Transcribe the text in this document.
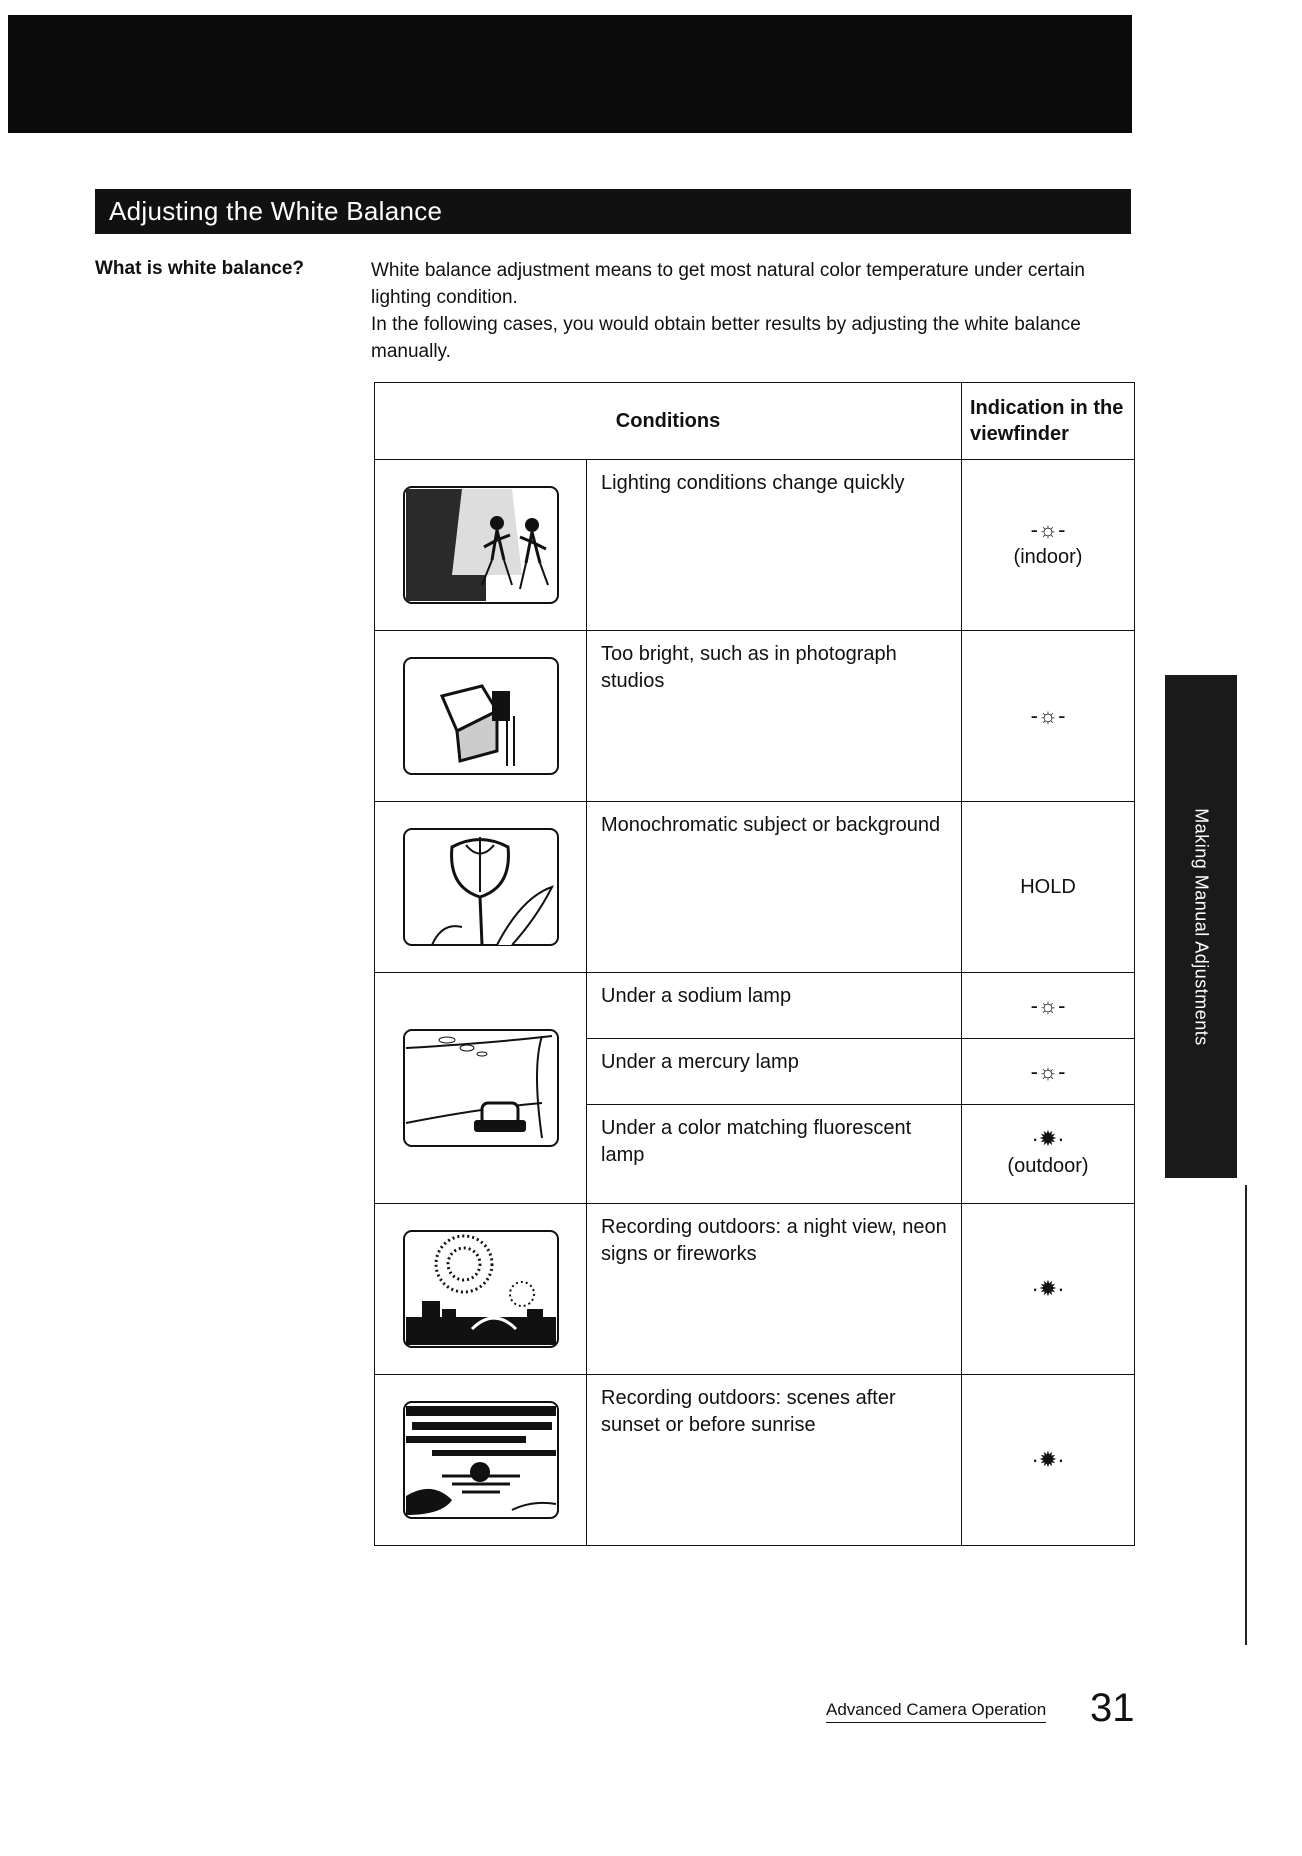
Adjusting the White Balance
What is white balance?	White balance adjustment means to get most natural color temperature under certain lighting condition.

In the following cases, you would obtain better results by adjusting the white balance manually.

Conditions		Indication in the viewfinder

	Lighting conditions change quickly	-☼-
(indoor)

	Too bright, such as in photograph studios	-☼-

	Monochromatic subject or background	HOLD

	Under a sodium lamp	-☼-

	Under a mercury lamp	-☼-

	Under a color matching fluorescent lamp	·✹·
(outdoor)

	Recording outdoors: a night view, neon signs or fireworks	·✹·

	Recording outdoors: scenes after sunset or before sunrise	·✹·
Making Manual Adjustments
Advanced Camera Operation 31
